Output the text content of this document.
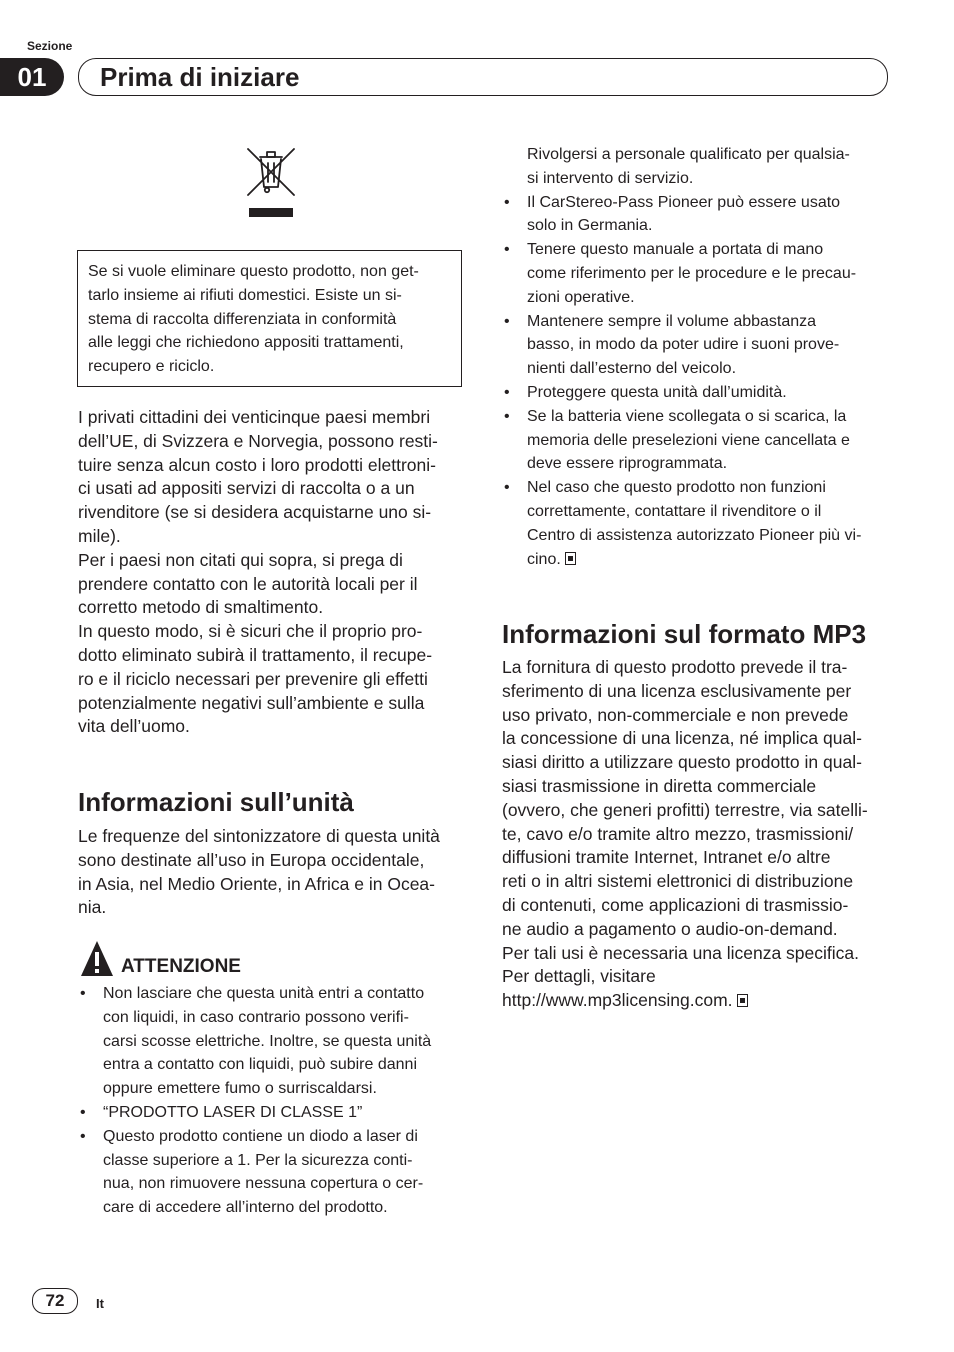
Sezione
01	Prima di iniziare

Se si vuole eliminare questo prodotto, non get-
tarlo insieme ai rifiuti domestici. Esiste un si-
stema di raccolta differenziata in conformità
alle leggi che richiedono appositi trattamenti,
recupero e riciclo.

I privati cittadini dei venticinque paesi membri
dell’UE, di Svizzera e Norvegia, possono resti-
tuire senza alcun costo i loro prodotti elettroni-
ci usati ad appositi servizi di raccolta o a un
rivenditore (se si desidera acquistarne uno si-
mile).
Per i paesi non citati qui sopra, si prega di
prendere contatto con le autorità locali per il
corretto metodo di smaltimento.
In questo modo, si è sicuri che il proprio pro-
dotto eliminato subirà il trattamento, il recupe-
ro e il riciclo necessari per prevenire gli effetti
potenzialmente negativi sull’ambiente e sulla
vita dell’uomo.

Informazioni sull’unità

Le frequenze del sintonizzatore di questa unità
sono destinate all’uso in Europa occidentale,
in Asia, nel Medio Oriente, in Africa e in Ocea-
nia.

ATTENZIONE
• Non lasciare che questa unità entri a contatto
con liquidi, in caso contrario possono verifi-
carsi scosse elettriche. Inoltre, se questa unità
entra a contatto con liquidi, può subire danni
oppure emettere fumo o surriscaldarsi.
• “PRODOTTO LASER DI CLASSE 1”
• Questo prodotto contiene un diodo a laser di
classe superiore a 1. Per la sicurezza conti-
nua, non rimuovere nessuna copertura o cer-
care di accedere all’interno del prodotto.
Rivolgersi a personale qualificato per qualsia-
si intervento di servizio.
• Il CarStereo-Pass Pioneer può essere usato
solo in Germania.
• Tenere questo manuale a portata di mano
come riferimento per le procedure e le precau-
zioni operative.
• Mantenere sempre il volume abbastanza
basso, in modo da poter udire i suoni prove-
nienti dall’esterno del veicolo.
• Proteggere questa unità dall’umidità.
• Se la batteria viene scollegata o si scarica, la
memoria delle preselezioni viene cancellata e
deve essere riprogrammata.
• Nel caso che questo prodotto non funzioni
correttamente, contattare il rivenditore o il
Centro di assistenza autorizzato Pioneer più vi-
cino.
Informazioni sul formato MP3

La fornitura di questo prodotto prevede il tra-
sferimento di una licenza esclusivamente per
uso privato, non-commerciale e non prevede
la concessione di una licenza, né implica qual-
siasi diritto a utilizzare questo prodotto in qual-
siasi trasmissione in diretta commerciale
(ovvero, che generi profitti) terrestre, via satelli-
te, cavo e/o tramite altro mezzo, trasmissioni/
diffusioni tramite Internet, Intranet e/o altre
reti o in altri sistemi elettronici di distribuzione
di contenuti, come applicazioni di trasmissio-
ne audio a pagamento o audio-on-demand.
Per tali usi è necessaria una licenza specifica.
Per dettagli, visitare
http://www.mp3licensing.com.

72	It
